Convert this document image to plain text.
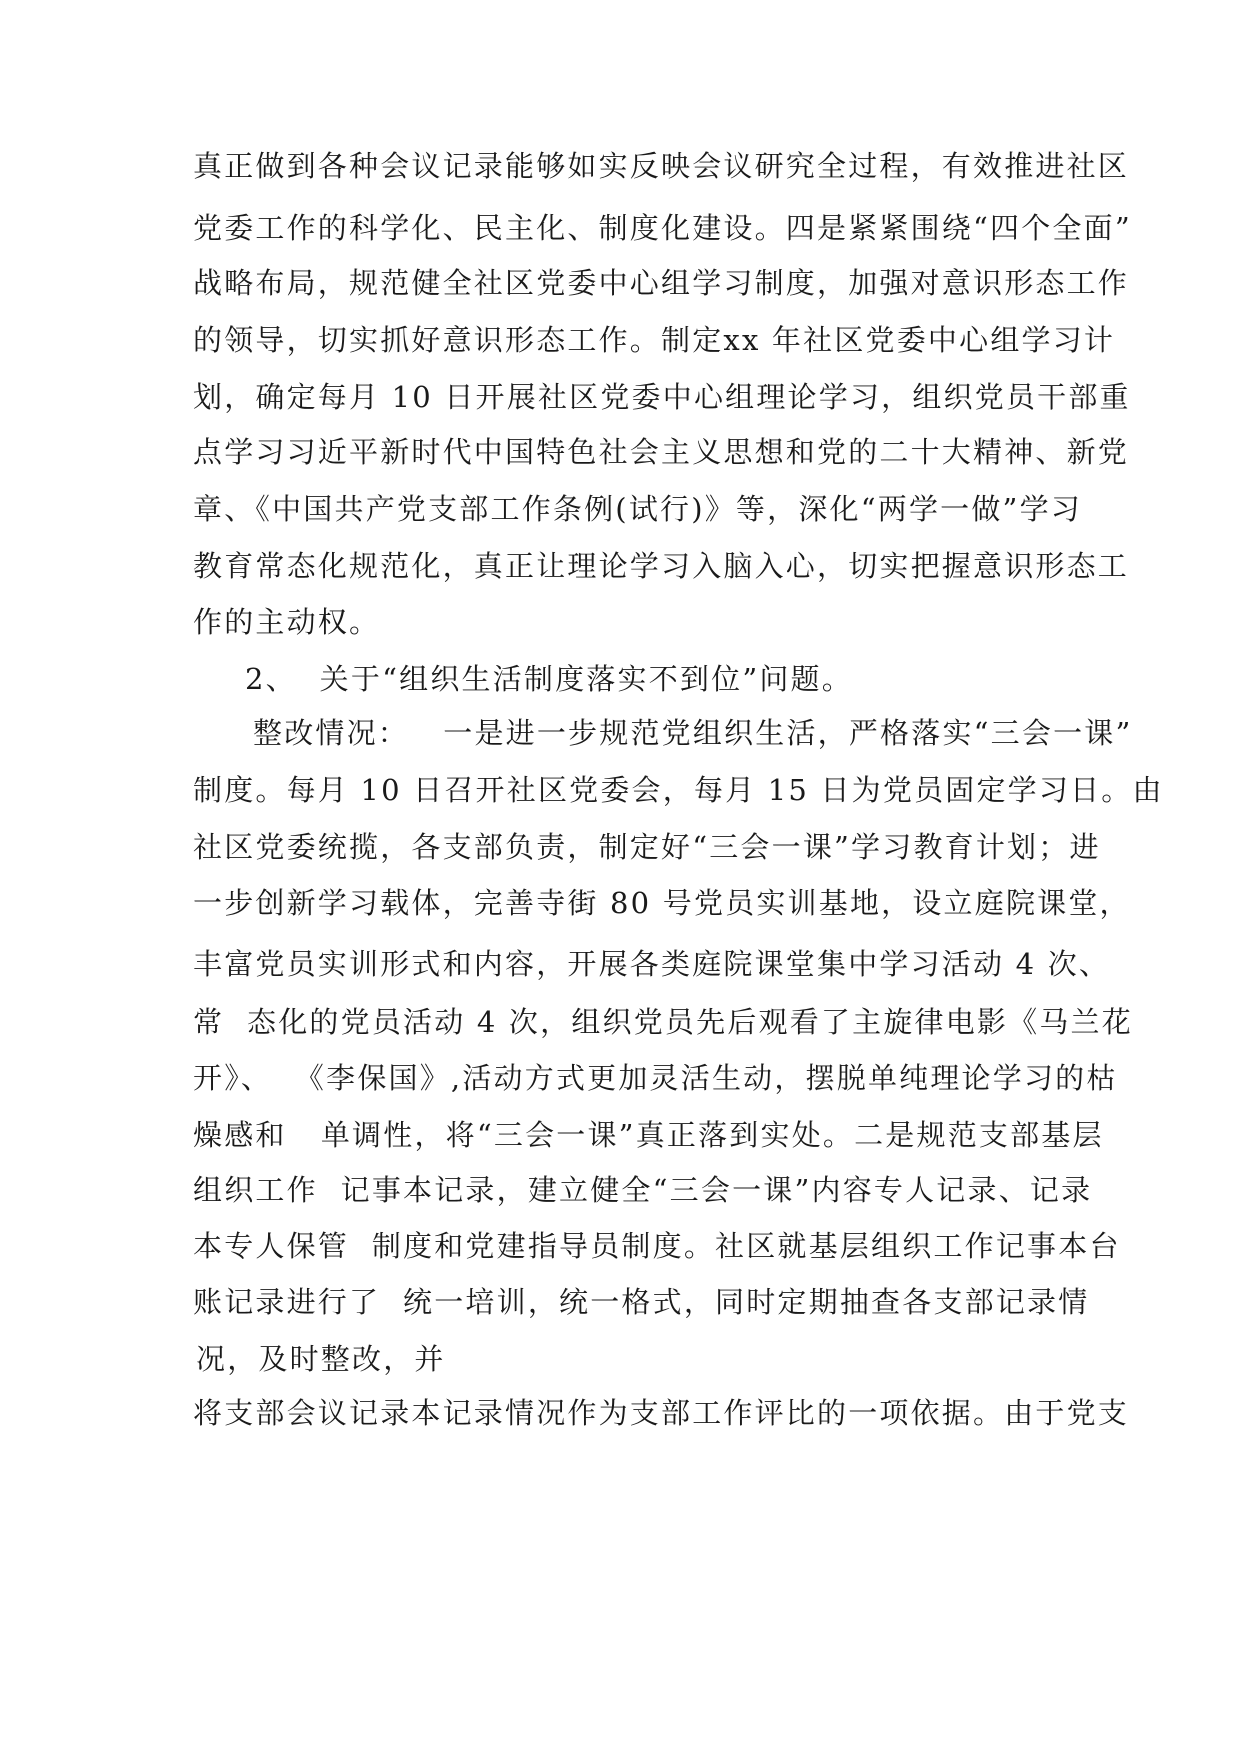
真正做到各种会议记录能够如实反映会议研究全过程，有效推进社区
党委工作的科学化、民主化、制度化建设。四是紧紧围绕“四个全面”
战略布局，规范健全社区党委中心组学习制度，加强对意识形态工作
的领导，切实抓好意识形态工作。制定xx 年社区党委中心组学习计
划，确定每月 10 日开展社区党委中心组理论学习，组织党员干部重
点学习习近平新时代中国特色社会主义思想和党的二十大精神、新党
章、《中国共产党支部工作条例(试行)》等，深化“两学一做”学习
教育常态化规范化，真正让理论学习入脑入心，切实把握意识形态工
作的主动权。
2、  关于“组织生活制度落实不到位”问题。
整改情况：   一是进一步规范党组织生活，严格落实“三会一课”
制度。每月 10 日召开社区党委会，每月 15 日为党员固定学习日。由
社区党委统揽，各支部负责，制定好“三会一课”学习教育计划；进
一步创新学习载体，完善寺街 80 号党员实训基地，设立庭院课堂，
丰富党员实训形式和内容，开展各类庭院课堂集中学习活动 4 次、
常  态化的党员活动 4 次，组织党员先后观看了主旋律电影《马兰花
开》、  《李保国》,活动方式更加灵活生动，摆脱单纯理论学习的枯
燥感和   单调性，将“三会一课”真正落到实处。二是规范支部基层
组织工作  记事本记录，建立健全“三会一课”内容专人记录、记录
本专人保管  制度和党建指导员制度。社区就基层组织工作记事本台
账记录进行了  统一培训，统一格式，同时定期抽查各支部记录情
况，及时整改，并
将支部会议记录本记录情况作为支部工作评比的一项依据。由于党支
